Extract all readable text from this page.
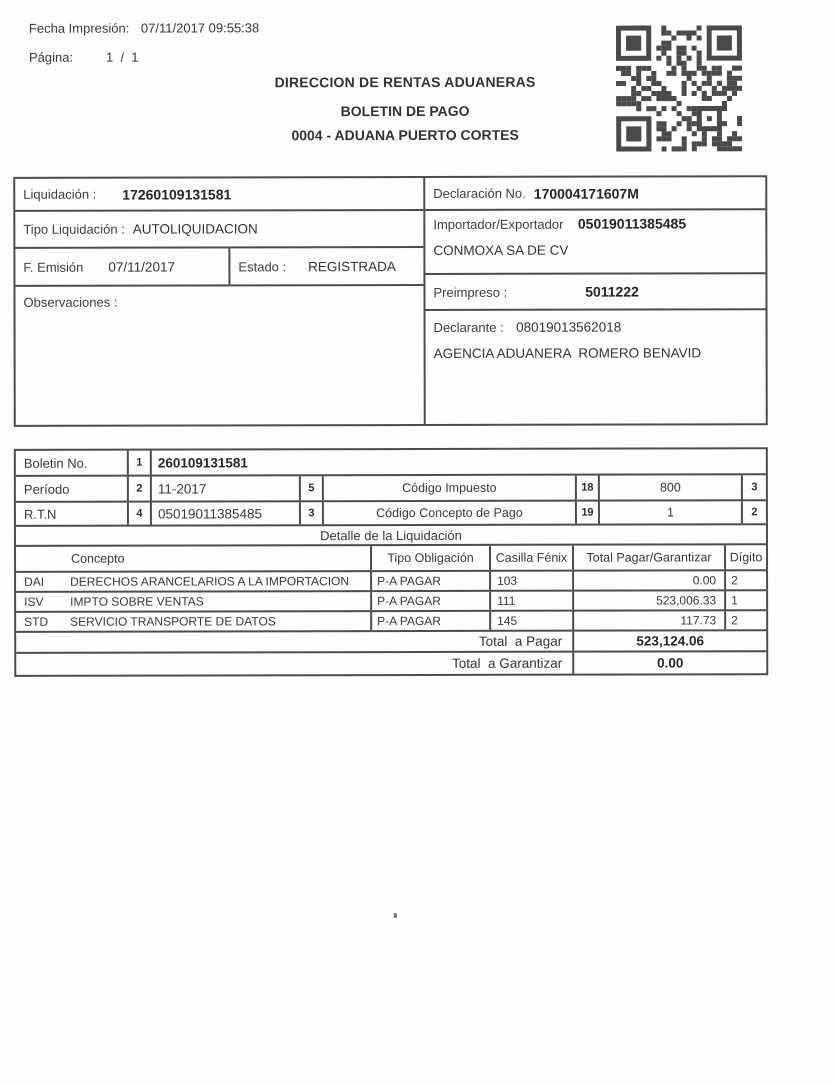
Fecha Impresión: 07/11/2017 09:55:38
Página:	1  /  1
DIRECCION DE RENTAS ADUANERAS
BOLETIN DE PAGO
0004 - ADUANA PUERTO CORTES
Liquidación : 17260109131581
Tipo Liquidación : AUTOLIQUIDACION
F. Emisión 07/11/2017	Estado : REGISTRADA
Observaciones :
Declaración No. 170004171607M
Importador/Exportador 05019011385485
CONMOXA SA DE CV
Preimpreso :	5011222
Declarante : 08019013562018
AGENCIA ADUANERA  ROMERO BENAVID
Boletin No.	1	260109131581
Período	2	11-2017	5	Código Impuesto	18	800	3
R.T.N	4	05019011385485	3	Código Concepto de Pago	19	1	2
Detalle de la Liquidación
Concepto	Tipo Obligación	Casilla Fénix	Total Pagar/Garantizar	Dígito
DAI	DERECHOS ARANCELARIOS A LA IMPORTACION	P-A PAGAR	103	0.00	2
ISV	IMPTO SOBRE VENTAS	P-A PAGAR	111	523,006.33	1
STD	SERVICIO TRANSPORTE DE DATOS	P-A PAGAR	145	117.73	2
Total  a Pagar	523,124.06
Total  a Garantizar	0.00
